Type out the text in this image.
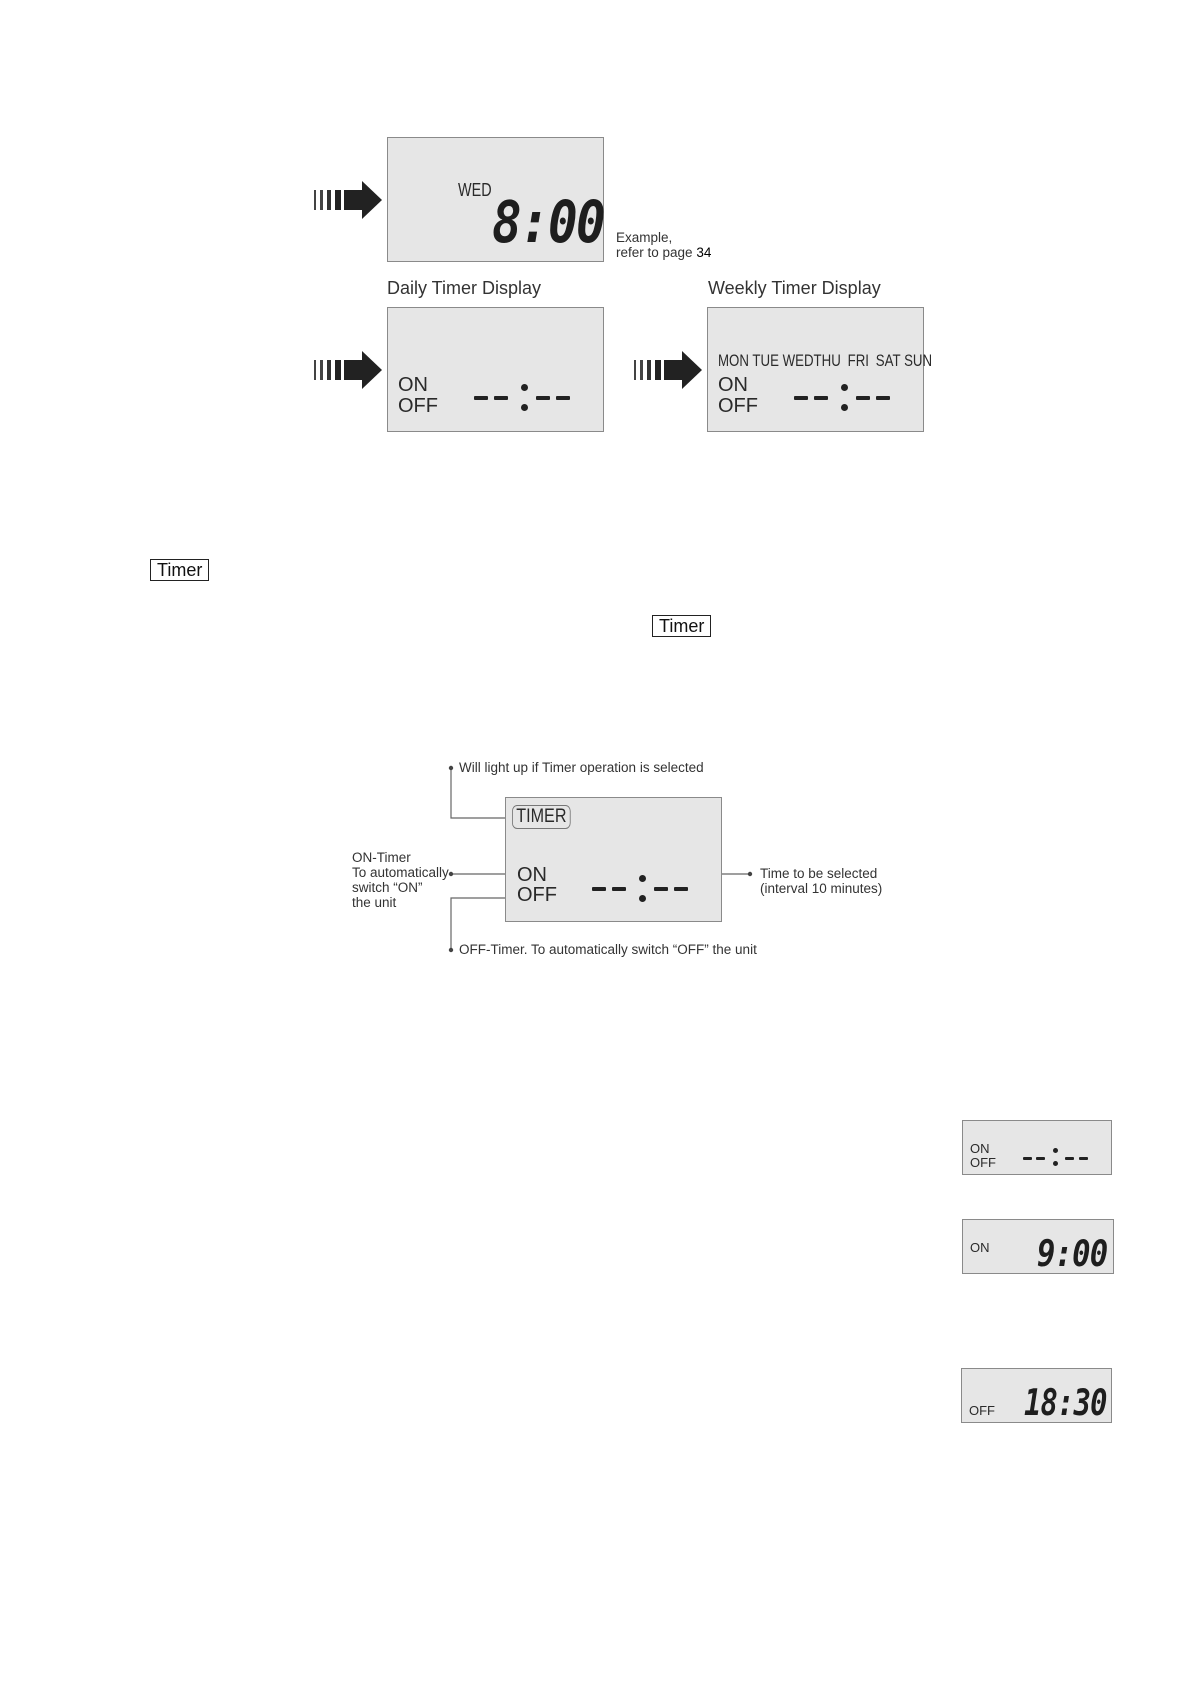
WED 8:00 Example,
refer to page 34
Daily Timer Display
ON
OFF
Weekly Timer Display
MON TUE WEDTHU FRI SAT SUN
ON
OFF
Timer
Timer
Will light up if Timer operation is selected
TIMER
ON
OFF
ON-Timer
To automatically
switch “ON”
the unit
Time to be selected
(interval 10 minutes)
OFF-Timer. To automatically switch “OFF” the unit
ON
OFF
ON 9:00
OFF 18:30
